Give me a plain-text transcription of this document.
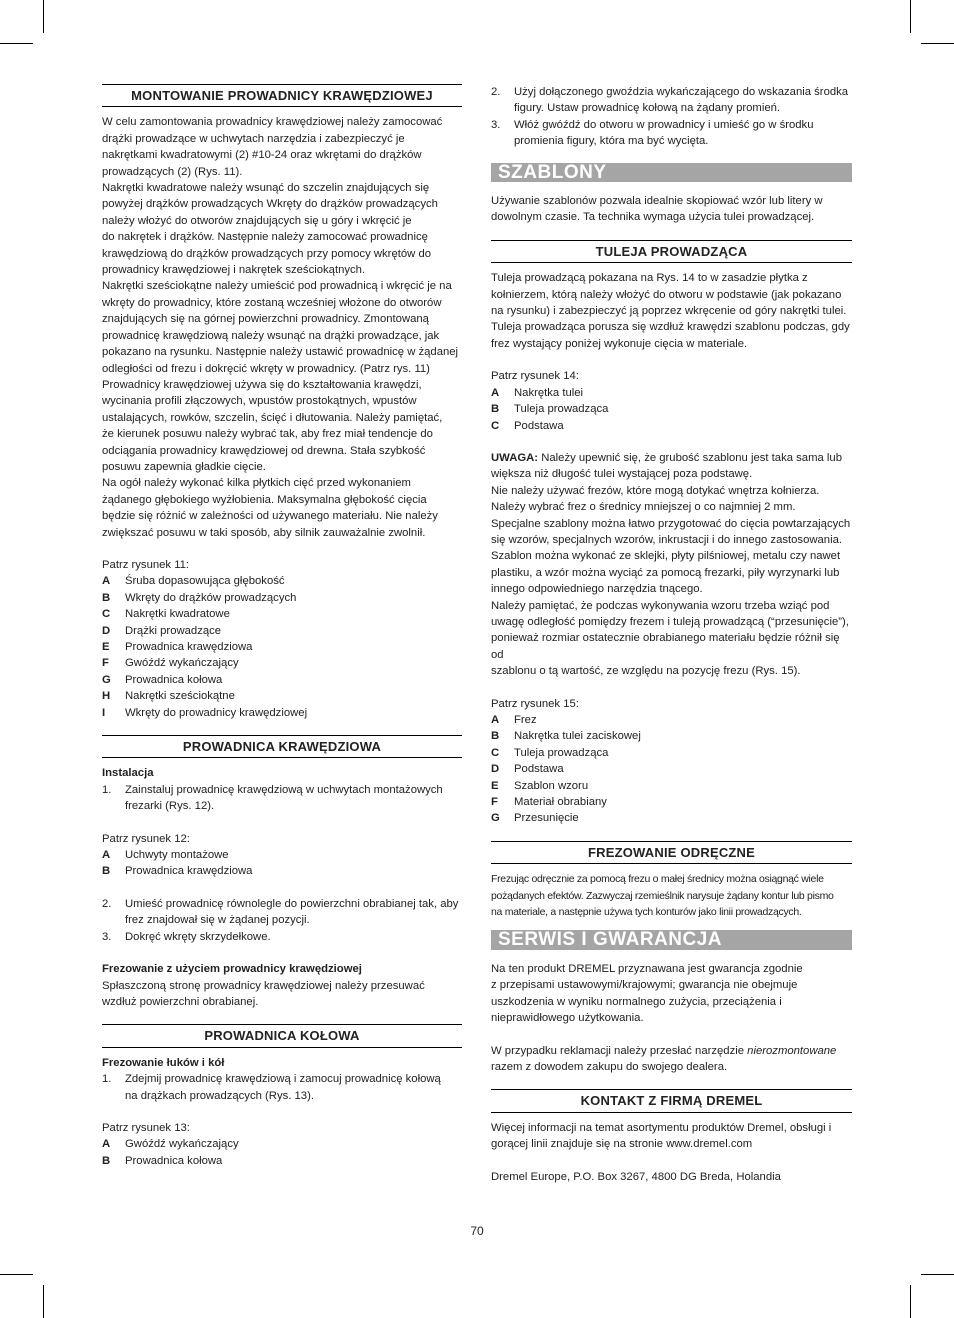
MONTOWANIE PROWADNICY KRAWĘDZIOWEJ
W celu zamontowania prowadnicy krawędziowej należy zamocować
drążki prowadzące w uchwytach narzędzia i zabezpieczyć je
nakrętkami kwadratowymi (2) #10-24 oraz wkrętami do drążków
prowadzących (2) (Rys. 11).
Nakrętki kwadratowe należy wsunąć do szczelin znajdujących się
powyżej drążków prowadzących Wkręty do drążków prowadzących
należy włożyć do otworów znajdujących się u góry i wkręcić je
do nakrętek i drążków. Następnie należy zamocować prowadnicę
krawędziową do drążków prowadzących przy pomocy wkrętów do
prowadnicy krawędziowej i nakrętek sześciokątnych.
Nakrętki sześciokątne należy umieścić pod prowadnicą i wkręcić je na
wkręty do prowadnicy, które zostaną wcześniej włożone do otworów
znajdujących się na górnej powierzchni prowadnicy. Zmontowaną
prowadnicę krawędziową należy wsunąć na drążki prowadzące, jak
pokazano na rysunku. Następnie należy ustawić prowadnicę w żądanej
odległości od frezu i dokręcić wkręty w prowadnicy. (Patrz rys. 11)
Prowadnicy krawędziowej używa się do kształtowania krawędzi,
wycinania profili złączowych, wpustów prostokątnych, wpustów
ustalających, rowków, szczelin, ścięć i dłutowania. Należy pamiętać,
że kierunek posuwu należy wybrać tak, aby frez miał tendencje do
odciągania prowadnicy krawędziowej od drewna. Stała szybkość
posuwu zapewnia gładkie cięcie.
Na ogół należy wykonać kilka płytkich cięć przed wykonaniem
żądanego głębokiego wyżłobienia. Maksymalna głębokość cięcia
będzie się różnić w zależności od używanego materiału. Nie należy
zwiększać posuwu w taki sposób, aby silnik zauważalnie zwolnił.

Patrz rysunek 11:

A	Śruba dopasowująca głębokość
B	Wkręty do drążków prowadzących
C	Nakrętki kwadratowe
D	Drążki prowadzące
E	Prowadnica krawędziowa
F	Gwóźdź wykańczający
G	Prowadnica kołowa
H	Nakrętki sześciokątne
I	Wkręty do prowadnicy krawędziowej
PROWADNICA KRAWĘDZIOWA

Instalacja

1.	Zainstaluj prowadnicę krawędziową w uchwytach montażowych
frezarki (Rys. 12).

Patrz rysunek 12:

A	Uchwyty montażowe
B	Prowadnica krawędziowa
2.	Umieść prowadnicę równolegle do powierzchni obrabianej tak, aby
frez znajdował się w żądanej pozycji.
3.	Dokręć wkręty skrzydełkowe.

Frezowanie z użyciem prowadnicy krawędziowej

Spłaszczoną stronę prowadnicy krawędziowej należy przesuwać
wzdłuż powierzchni obrabianej.
PROWADNICA KOŁOWA

Frezowanie łuków i kół

1.	Zdejmij prowadnicę krawędziową i zamocuj prowadnicę kołową
na drążkach prowadzących (Rys. 13).

Patrz rysunek 13:

A	Gwóźdź wykańczający
B	Prowadnica kołowa
2.	Użyj dołączonego gwoździa wykańczającego do wskazania środka
figury. Ustaw prowadnicę kołową na żądany promień.
3.	Włóż gwóźdź do otworu w prowadnicy i umieść go w środku
promienia figury, która ma być wycięta.
SZABLONY
Używanie szablonów pozwala idealnie skopiować wzór lub litery w
dowolnym czasie. Ta technika wymaga użycia tulei prowadzącej.
TULEJA PROWADZĄCA
Tuleja prowadzącą pokazana na Rys. 14 to w zasadzie płytka z
kołnierzem, którą należy włożyć do otworu w podstawie (jak pokazano
na rysunku) i zabezpieczyć ją poprzez wkręcenie od góry nakrętki tulei.
Tuleja prowadząca porusza się wzdłuż krawędzi szablonu podczas, gdy
frez wystający poniżej wykonuje cięcia w materiale.

Patrz rysunek 14:

A	Nakrętka tulei
B	Tuleja prowadząca
C	Podstawa

UWAGA: Należy upewnić się, że grubość szablonu jest taka sama lub

większa niż długość tulei wystającej poza podstawę.
Nie należy używać frezów, które mogą dotykać wnętrza kołnierza.
Należy wybrać frez o średnicy mniejszej o co najmniej 2 mm.
Specjalne szablony można łatwo przygotować do cięcia powtarzających
się wzorów, specjalnych wzorów, inkrustacji i do innego zastosowania.
Szablon można wykonać ze sklejki, płyty pilśniowej, metalu czy nawet
plastiku, a wzór można wyciąć za pomocą frezarki, piły wyrzynarki lub
innego odpowiedniego narzędzia tnącego.
Należy pamiętać, że podczas wykonywania wzoru trzeba wziąć pod
uwagę odległość pomiędzy frezem i tuleją prowadzącą (“przesunięcie”),
ponieważ rozmiar ostatecznie obrabianego materiału będzie różnił się od
szablonu o tą wartość, ze względu na pozycję frezu (Rys. 15).

Patrz rysunek 15:

A	Frez
B	Nakrętka tulei zaciskowej
C	Tuleja prowadząca
D	Podstawa
E	Szablon wzoru
F	Materiał obrabiany
G	Przesunięcie
FREZOWANIE ODRĘCZNE
Frezując odręcznie za pomocą frezu o małej średnicy można osiągnąć wiele
pożądanych efektów. Zazwyczaj rzemieślnik narysuje żądany kontur lub pismo
na materiale, a następnie używa tych konturów jako linii prowadzących.
SERWIS I GWARANCJA
Na ten produkt DREMEL przyznawana jest gwarancja zgodnie
z przepisami ustawowymi/krajowymi; gwarancja nie obejmuje
uszkodzenia w wyniku normalnego zużycia, przeciążenia i
nieprawidłowego użytkowania.

W przypadku reklamacji należy przesłać narzędzie nierozmontowane

razem z dowodem zakupu do swojego dealera.

KONTAKT Z FIRMĄ DREMEL
Więcej informacji na temat asortymentu produktów Dremel, obsługi i
gorącej linii znajduje się na stronie www.dremel.com

Dremel Europe, P.O. Box 3267, 4800 DG Breda, Holandia

70
